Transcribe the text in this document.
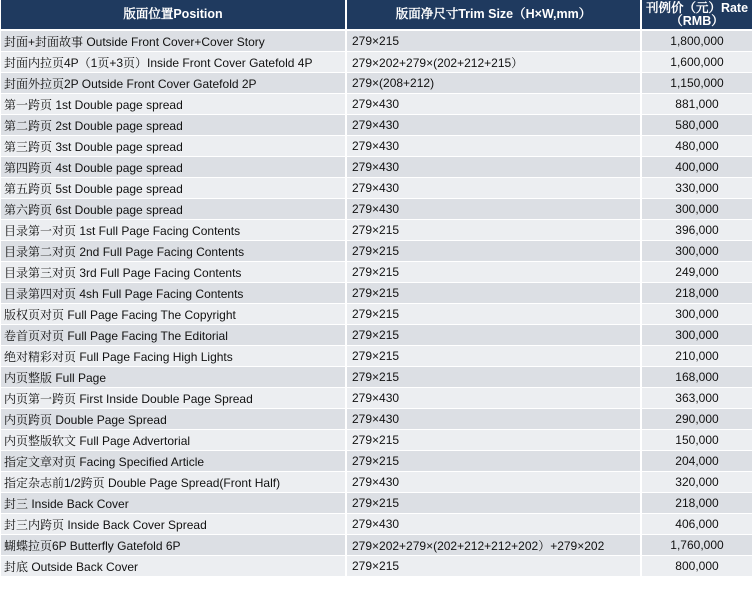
版面位置Position	版面净尺寸Trim Size（H×W,mm）	刊例价（元）Rate（RMB）
封面+封面故事 Outside Front Cover+Cover Story	279×215	1,800,000
封面内拉页4P（1页+3页）Inside Front Cover Gatefold 4P	279×202+279×(202+212+215）	1,600,000
封面外拉页2P Outside Front Cover Gatefold 2P	279×(208+212)	1,150,000
第一跨页 1st Double page spread	279×430	881,000
第二跨页 2st Double page spread	279×430	580,000
第三跨页 3st Double page spread	279×430	480,000
第四跨页 4st Double page spread	279×430	400,000
第五跨页 5st Double page spread	279×430	330,000
第六跨页 6st Double page spread	279×430	300,000
目录第一对页 1st Full Page Facing Contents	279×215	396,000
目录第二对页 2nd Full Page Facing Contents	279×215	300,000
目录第三对页 3rd Full Page Facing Contents	279×215	249,000
目录第四对页 4sh Full Page Facing Contents	279×215	218,000
版权页对页 Full Page Facing The Copyright	279×215	300,000
卷首页对页 Full Page Facing The Editorial	279×215	300,000
绝对精彩对页 Full Page Facing High Lights	279×215	210,000
内页整版 Full Page	279×215	168,000
内页第一跨页 First Inside Double Page Spread	279×430	363,000
内页跨页 Double Page Spread	279×430	290,000
内页整版软文 Full Page Advertorial	279×215	150,000
指定文章对页 Facing Specified Article	279×215	204,000
指定杂志前1/2跨页 Double Page Spread(Front Half)	279×430	320,000
封三 Inside Back Cover	279×215	218,000
封三内跨页 Inside Back Cover Spread	279×430	406,000
蝴蝶拉页6P Butterfly Gatefold 6P	279×202+279×(202+212+212+202）+279×202	1,760,000
封底 Outside Back Cover	279×215	800,000
